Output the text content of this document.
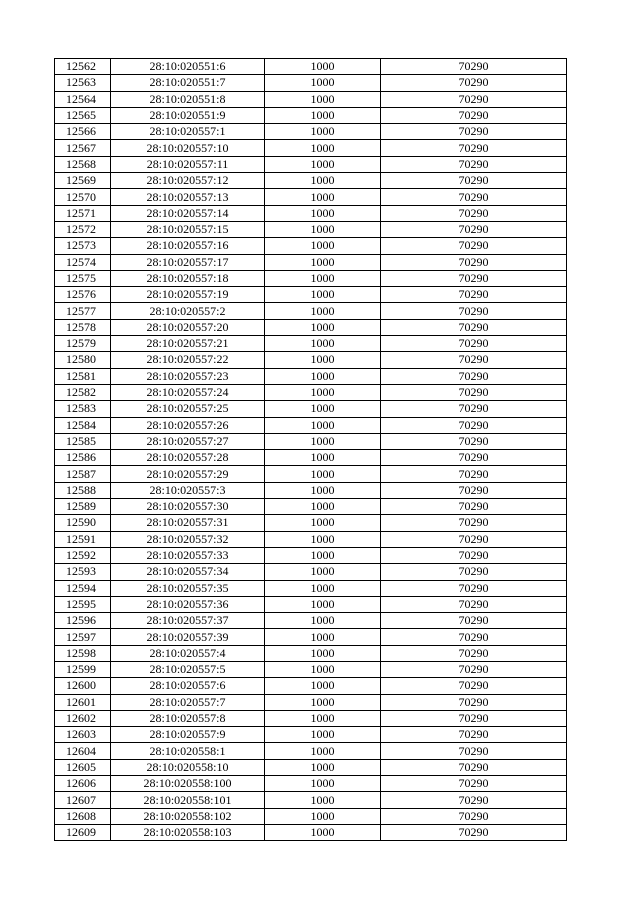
12562	28:10:020551:6	1000	70290
12563	28:10:020551:7	1000	70290
12564	28:10:020551:8	1000	70290
12565	28:10:020551:9	1000	70290
12566	28:10:020557:1	1000	70290
12567	28:10:020557:10	1000	70290
12568	28:10:020557:11	1000	70290
12569	28:10:020557:12	1000	70290
12570	28:10:020557:13	1000	70290
12571	28:10:020557:14	1000	70290
12572	28:10:020557:15	1000	70290
12573	28:10:020557:16	1000	70290
12574	28:10:020557:17	1000	70290
12575	28:10:020557:18	1000	70290
12576	28:10:020557:19	1000	70290
12577	28:10:020557:2	1000	70290
12578	28:10:020557:20	1000	70290
12579	28:10:020557:21	1000	70290
12580	28:10:020557:22	1000	70290
12581	28:10:020557:23	1000	70290
12582	28:10:020557:24	1000	70290
12583	28:10:020557:25	1000	70290
12584	28:10:020557:26	1000	70290
12585	28:10:020557:27	1000	70290
12586	28:10:020557:28	1000	70290
12587	28:10:020557:29	1000	70290
12588	28:10:020557:3	1000	70290
12589	28:10:020557:30	1000	70290
12590	28:10:020557:31	1000	70290
12591	28:10:020557:32	1000	70290
12592	28:10:020557:33	1000	70290
12593	28:10:020557:34	1000	70290
12594	28:10:020557:35	1000	70290
12595	28:10:020557:36	1000	70290
12596	28:10:020557:37	1000	70290
12597	28:10:020557:39	1000	70290
12598	28:10:020557:4	1000	70290
12599	28:10:020557:5	1000	70290
12600	28:10:020557:6	1000	70290
12601	28:10:020557:7	1000	70290
12602	28:10:020557:8	1000	70290
12603	28:10:020557:9	1000	70290
12604	28:10:020558:1	1000	70290
12605	28:10:020558:10	1000	70290
12606	28:10:020558:100	1000	70290
12607	28:10:020558:101	1000	70290
12608	28:10:020558:102	1000	70290
12609	28:10:020558:103	1000	70290
